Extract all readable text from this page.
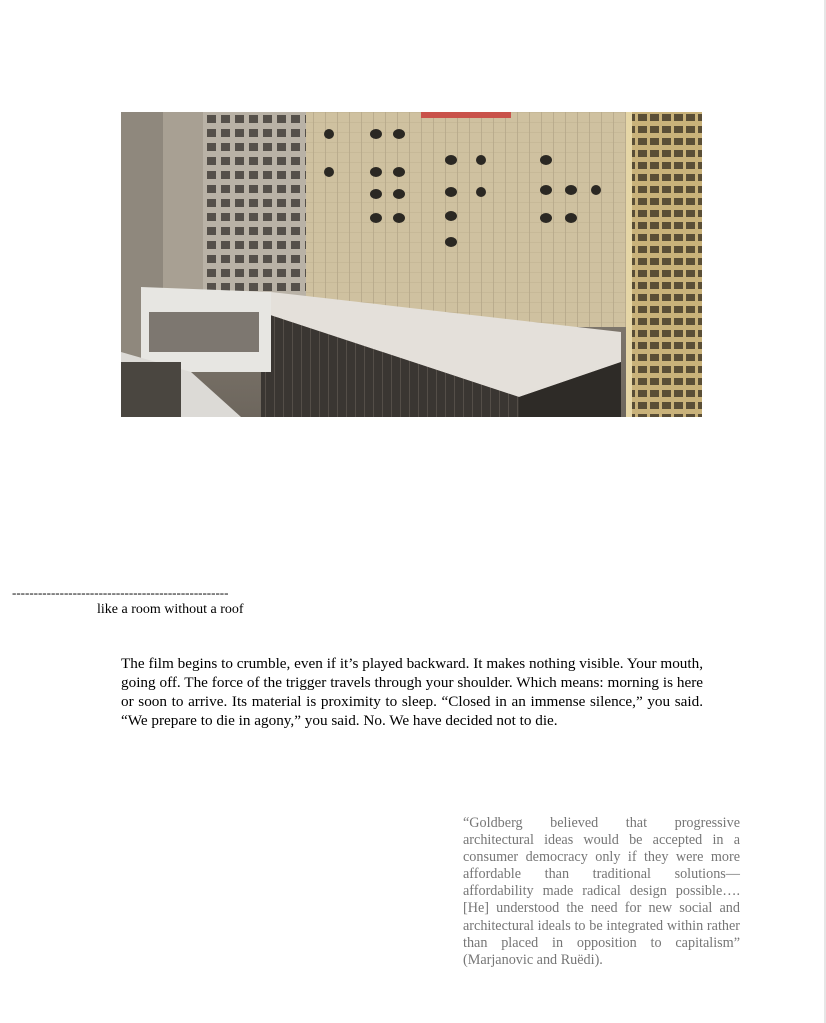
--------------------------------------------------
like a room without a roof

The film begins to crumble, even if it’s played backward. It makes nothing visible. Your mouth, going off. The force of the trigger travels through your shoulder. Which means: morning is here or soon to arrive. Its material is proximity to sleep. “Closed in an immense silence,” you said. “We prepare to die in agony,” you said. No. We have decided not to die.

“Goldberg believed that progressive architectural ideas would be accepted in a consumer democracy only if they were more affordable than traditional solutions— affordability made radical design possible….[He] understood the need for new social and architectural ideals to be integrated within rather than placed in opposition to capitalism” (Marjanovic and Ruëdi).
